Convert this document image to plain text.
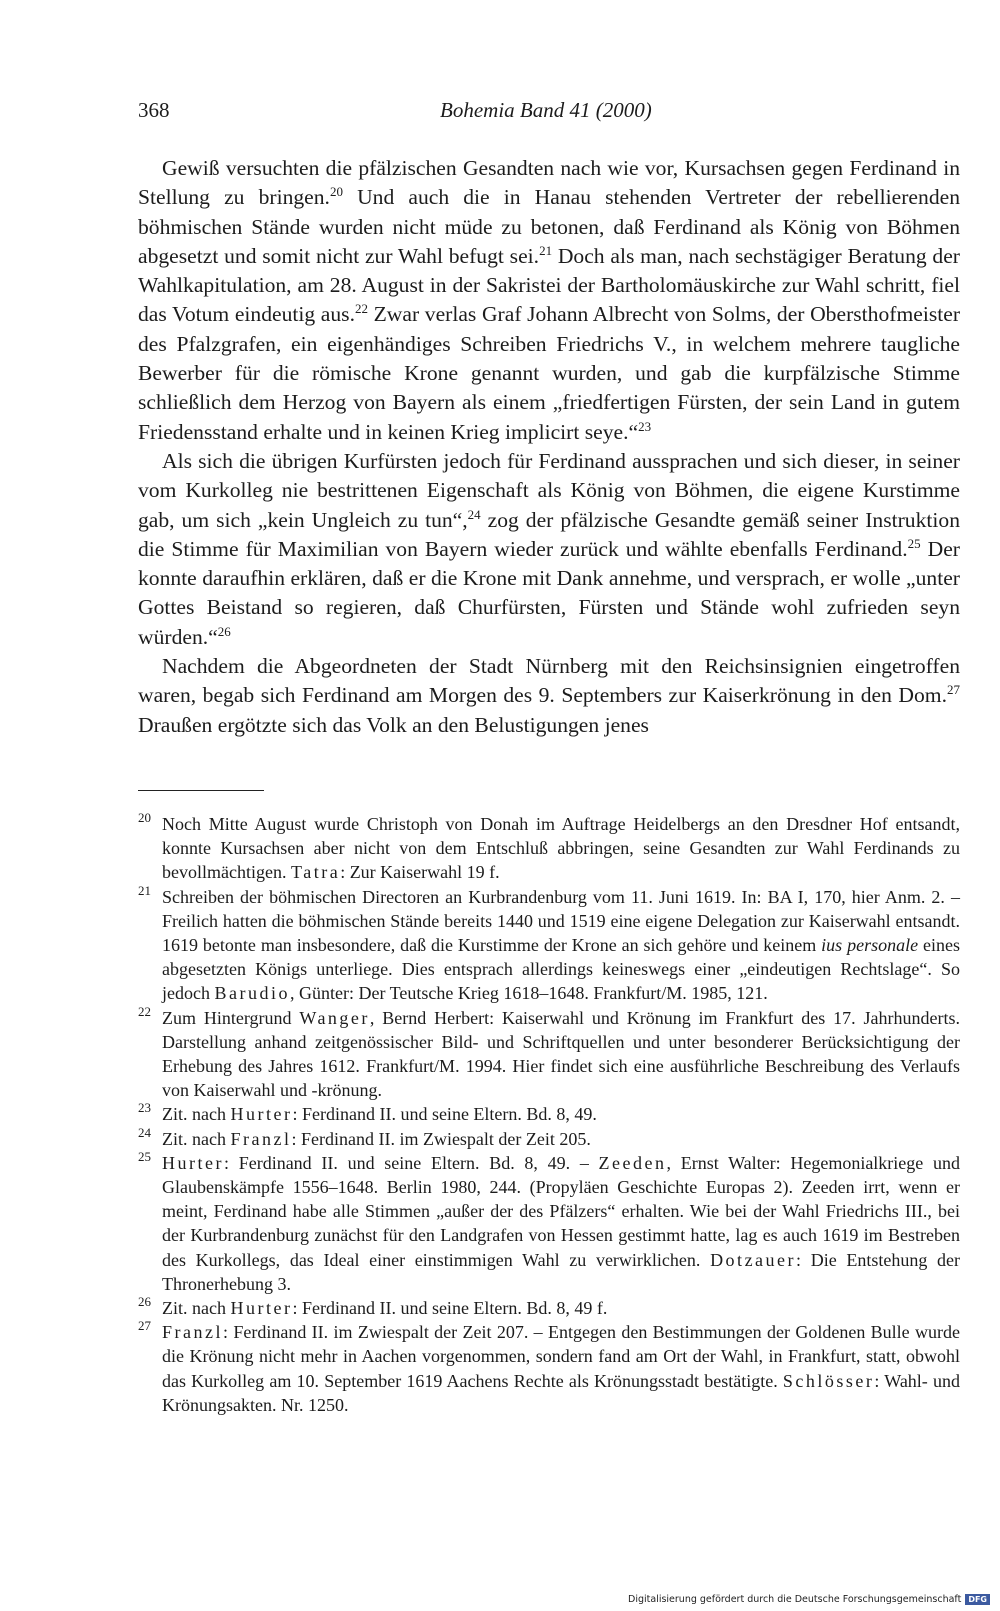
368	Bohemia Band 41 (2000)

Gewiß versuchten die pfälzischen Gesandten nach wie vor, Kursachsen gegen Ferdinand in Stellung zu bringen.$^{20}$ Und auch die in Hanau stehenden Vertreter der rebellierenden böhmischen Stände wurden nicht müde zu betonen, daß Ferdinand als König von Böhmen abgesetzt und somit nicht zur Wahl befugt sei.$^{21}$ Doch als man, nach sechstägiger Beratung der Wahlkapitulation, am 28. August in der Sakristei der Bartholomäuskirche zur Wahl schritt, fiel das Votum eindeutig aus.$^{22}$ Zwar verlas Graf Johann Albrecht von Solms, der Obersthofmeister des Pfalzgrafen, ein eigenhändiges Schreiben Friedrichs V., in welchem mehrere taugliche Bewerber für die römische Krone genannt wurden, und gab die kurpfälzische Stimme schließlich dem Herzog von Bayern als einem „friedfertigen Fürsten, der sein Land in gutem Friedensstand erhalte und in keinen Krieg implicirt seye.“$^{23}$

Als sich die übrigen Kurfürsten jedoch für Ferdinand aussprachen und sich dieser, in seiner vom Kurkolleg nie bestrittenen Eigenschaft als König von Böhmen, die eigene Kurstimme gab, um sich „kein Ungleich zu tun“,$^{24}$ zog der pfälzische Gesandte gemäß seiner Instruktion die Stimme für Maximilian von Bayern wieder zurück und wählte ebenfalls Ferdinand.$^{25}$ Der konnte daraufhin erklären, daß er die Krone mit Dank annehme, und versprach, er wolle „unter Gottes Beistand so regieren, daß Churfürsten, Fürsten und Stände wohl zufrieden seyn würden.“$^{26}$

Nachdem die Abgeordneten der Stadt Nürnberg mit den Reichsinsignien eingetroffen waren, begab sich Ferdinand am Morgen des 9. Septembers zur Kaiserkrönung in den Dom.$^{27}$ Draußen ergötzte sich das Volk an den Belustigungen jenes

20 Noch Mitte August wurde Christoph von Donah im Auftrage Heidelbergs an den Dresdner Hof entsandt, konnte Kursachsen aber nicht von dem Entschluß abbringen, seine Gesandten zur Wahl Ferdinands zu bevollmächtigen. Tatra: Zur Kaiserwahl 19 f.
21 Schreiben der böhmischen Directoren an Kurbrandenburg vom 11. Juni 1619. In: BA I, 170, hier Anm. 2. – Freilich hatten die böhmischen Stände bereits 1440 und 1519 eine eigene Delegation zur Kaiserwahl entsandt. 1619 betonte man insbesondere, daß die Kurstimme der Krone an sich gehöre und keinem ius personale eines abgesetzten Königs unterliege. Dies entsprach allerdings keineswegs einer „eindeutigen Rechtslage“. So jedoch Barudio, Günter: Der Teutsche Krieg 1618–1648. Frankfurt/M. 1985, 121.
22 Zum Hintergrund Wanger, Bernd Herbert: Kaiserwahl und Krönung im Frankfurt des 17. Jahrhunderts. Darstellung anhand zeitgenössischer Bild- und Schriftquellen und unter besonderer Berücksichtigung der Erhebung des Jahres 1612. Frankfurt/M. 1994. Hier findet sich eine ausführliche Beschreibung des Verlaufs von Kaiserwahl und -krönung.
23 Zit. nach Hurter: Ferdinand II. und seine Eltern. Bd. 8, 49.
24 Zit. nach Franzl: Ferdinand II. im Zwiespalt der Zeit 205.
25 Hurter: Ferdinand II. und seine Eltern. Bd. 8, 49. – Zeeden, Ernst Walter: Hegemonialkriege und Glaubenskämpfe 1556–1648. Berlin 1980, 244. (Propyläen Geschichte Europas 2). Zeeden irrt, wenn er meint, Ferdinand habe alle Stimmen „außer der des Pfälzers“ erhalten. Wie bei der Wahl Friedrichs III., bei der Kurbrandenburg zunächst für den Landgrafen von Hessen gestimmt hatte, lag es auch 1619 im Bestreben des Kurkollegs, das Ideal einer einstimmigen Wahl zu verwirklichen. Dotzauer: Die Entstehung der Thronerhebung 3.
26 Zit. nach Hurter: Ferdinand II. und seine Eltern. Bd. 8, 49 f.
27 Franzl: Ferdinand II. im Zwiespalt der Zeit 207. – Entgegen den Bestimmungen der Goldenen Bulle wurde die Krönung nicht mehr in Aachen vorgenommen, sondern fand am Ort der Wahl, in Frankfurt, statt, obwohl das Kurkolleg am 10. September 1619 Aachens Rechte als Krönungsstadt bestätigte. Schlösser: Wahl- und Krönungsakten. Nr. 1250.
Digitalisierung gefördert durch die Deutsche Forschungsgemeinschaft DFG
